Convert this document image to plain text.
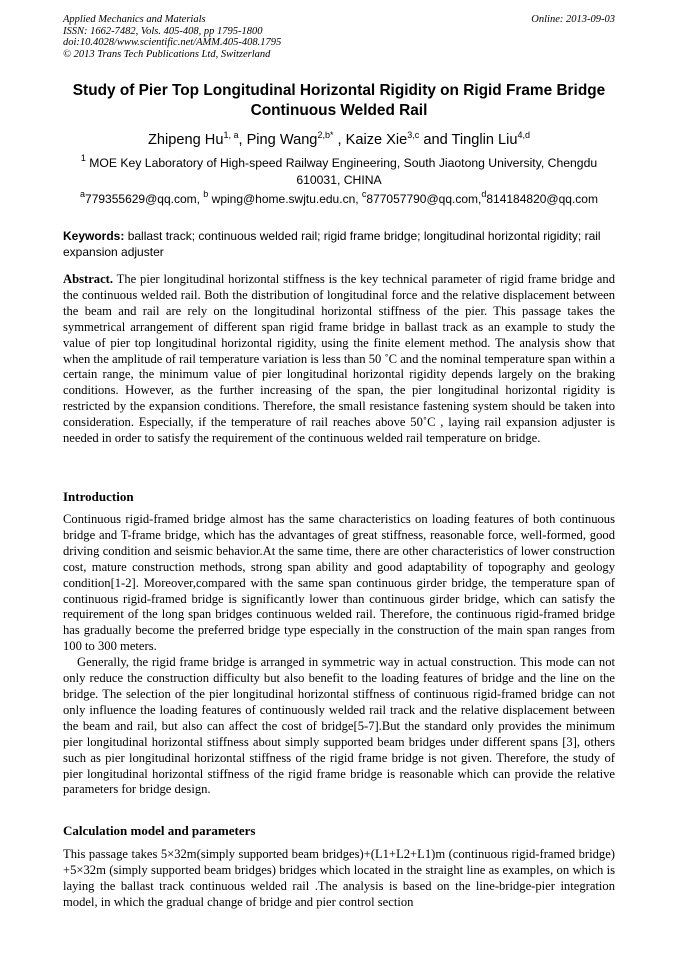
Applied Mechanics and Materials
ISSN: 1662-7482, Vols. 405-408, pp 1795-1800
doi:10.4028/www.scientific.net/AMM.405-408.1795
© 2013 Trans Tech Publications Ltd, Switzerland
Online: 2013-09-03
Study of Pier Top Longitudinal Horizontal Rigidity on Rigid Frame Bridge Continuous Welded Rail
Zhipeng Hu$^{1, a}$, Ping Wang$^{2,b*}$ , Kaize Xie$^{3,c}$ and Tinglin Liu$^{4,d}$
$^1$ MOE Key Laboratory of High-speed Railway Engineering, South Jiaotong University, Chengdu 610031, CHINA
$^a$779355629@qq.com, $^b$ wping@home.swjtu.edu.cn, $^c$877057790@qq.com,$^d$814184820@qq.com
Keywords: ballast track; continuous welded rail; rigid frame bridge; longitudinal horizontal rigidity; rail expansion adjuster
Abstract. The pier longitudinal horizontal stiffness is the key technical parameter of rigid frame bridge and the continuous welded rail. Both the distribution of longitudinal force and the relative displacement between the beam and rail are rely on the longitudinal horizontal stiffness of the pier. This passage takes the symmetrical arrangement of different span rigid frame bridge in ballast track as an example to study the value of pier top longitudinal horizontal rigidity, using the finite element method. The analysis show that when the amplitude of rail temperature variation is less than 50 ˚C and the nominal temperature span within a certain range, the minimum value of pier longitudinal horizontal rigidity depends largely on the braking conditions. However, as the further increasing of the span, the pier longitudinal horizontal rigidity is restricted by the expansion conditions. Therefore, the small resistance fastening system should be taken into consideration. Especially, if the temperature of rail reaches above 50˚C , laying rail expansion adjuster is needed in order to satisfy the requirement of the continuous welded rail temperature on bridge.
Introduction

Continuous rigid-framed bridge almost has the same characteristics on loading features of both continuous bridge and T-frame bridge, which has the advantages of great stiffness, reasonable force, well-formed, good driving condition and seismic behavior.At the same time, there are other characteristics of lower construction cost, mature construction methods, strong span ability and good adaptability of topography and geology condition[1-2]. Moreover,compared with the same span continuous girder bridge, the temperature span of continuous rigid-framed bridge is significantly lower than continuous girder bridge, which can satisfy the requirement of the long span bridges continuous welded rail. Therefore, the continuous rigid-framed bridge has gradually become the preferred bridge type especially in the construction of the main span ranges from 100 to 300 meters.

Generally, the rigid frame bridge is arranged in symmetric way in actual construction. This mode can not only reduce the construction difficulty but also benefit to the loading features of bridge and the line on the bridge. The selection of the pier longitudinal horizontal stiffness of continuous rigid-framed bridge can not only influence the loading features of continuously welded rail track and the relative displacement between the beam and rail, but also can affect the cost of bridge[5-7].But the standard only provides the minimum pier longitudinal horizontal stiffness about simply supported beam bridges under different spans [3], others such as pier longitudinal horizontal stiffness of the rigid frame bridge is not given. Therefore, the study of pier longitudinal horizontal stiffness of the rigid frame bridge is reasonable which can provide the relative parameters for bridge design.

Calculation model and parameters

This passage takes 5×32m(simply supported beam bridges)+(L1+L2+L1)m (continuous rigid-framed bridge) +5×32m (simply supported beam bridges) bridges which located in the straight line as examples, on which is laying the ballast track continuous welded rail .The analysis is based on the line-bridge-pier integration model, in which the gradual change of bridge and pier control section
